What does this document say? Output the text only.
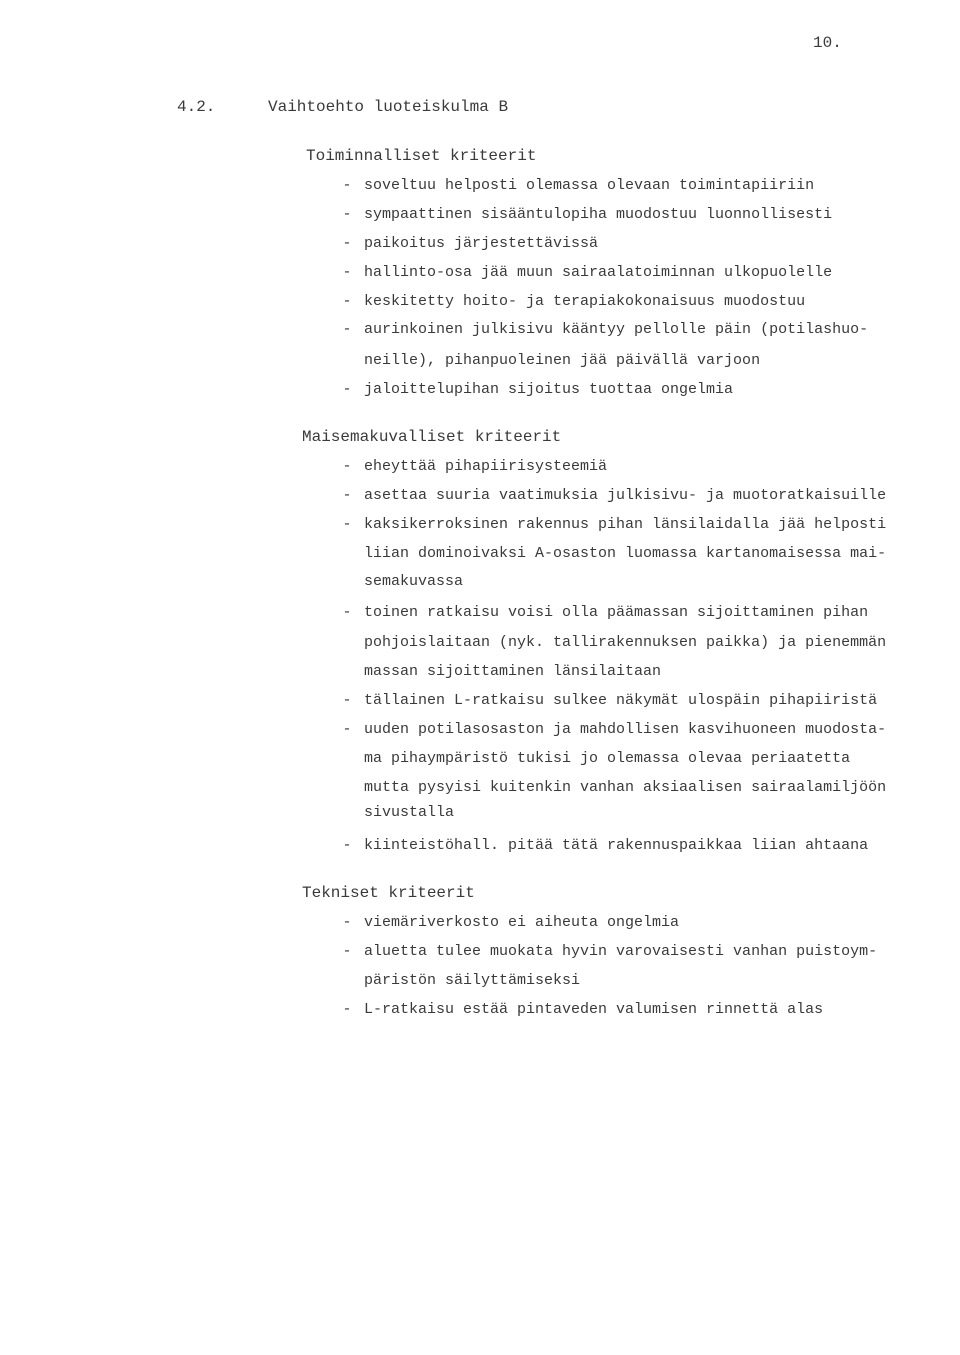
10.
4.2.	Vaihtoehto luoteiskulma B
Toiminnalliset kriteerit
- soveltuu helposti olemassa olevaan toimintapiiriin
- sympaattinen sisääntulopiha muodostuu luonnollisesti
- paikoitus järjestettävissä
- hallinto-osa jää muun sairaalatoiminnan ulkopuolelle
- keskitetty hoito- ja terapiakokonaisuus muodostuu
- aurinkoinen julkisivu kääntyy pellolle päin (potilashuo-
neille), pihanpuoleinen jää päivällä varjoon
- jaloittelupihan sijoitus tuottaa ongelmia
Maisemakuvalliset kriteerit
- eheyttää pihapiirisysteemiä
- asettaa suuria vaatimuksia julkisivu- ja muotoratkaisuille
- kaksikerroksinen rakennus pihan länsilaidalla jää helposti
liian dominoivaksi A-osaston luomassa kartanomaisessa mai-
semakuvassa
- toinen ratkaisu voisi olla päämassan sijoittaminen pihan
pohjoislaitaan (nyk. tallirakennuksen paikka) ja pienemmän
massan sijoittaminen länsilaitaan
- tällainen L-ratkaisu sulkee näkymät ulospäin pihapiiristä
- uuden potilasosaston ja mahdollisen kasvihuoneen muodosta-
ma pihaympäristö tukisi jo olemassa olevaa periaatetta
mutta pysyisi kuitenkin vanhan aksiaalisen sairaalamiljöön
sivustalla
- kiinteistöhall. pitää tätä rakennuspaikkaa liian ahtaana
Tekniset kriteerit
- viemäriverkosto ei aiheuta ongelmia
- aluetta tulee muokata hyvin varovaisesti vanhan puistoym-
päristön säilyttämiseksi
- L-ratkaisu estää pintaveden valumisen rinnettä alas
